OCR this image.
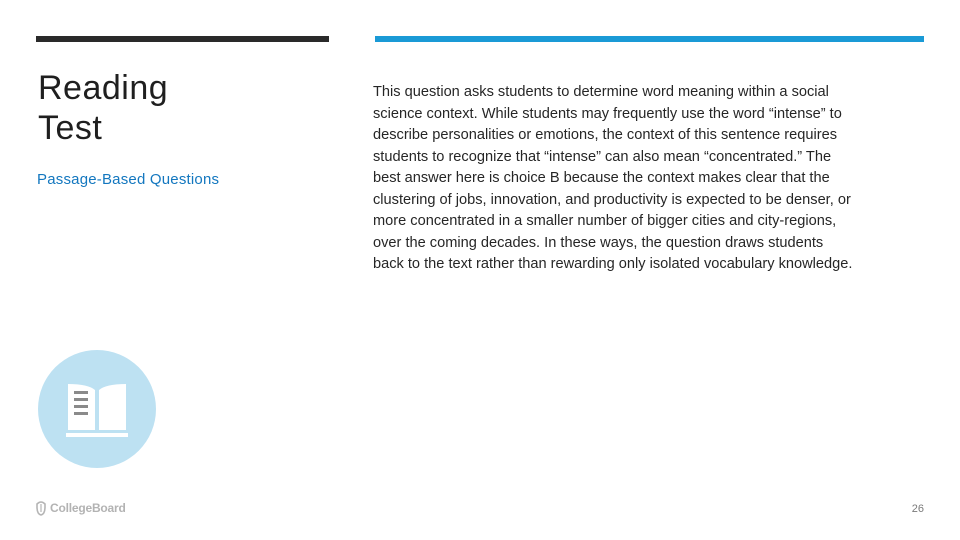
Reading
Test
Passage-Based Questions

This question asks students to determine word meaning within a social science context. While students may frequently use the word “intense” to describe personalities or emotions, the context of this sentence requires students to recognize that “intense” can also mean “concentrated.” The best answer here is choice B because the context makes clear that the clustering of jobs, innovation, and productivity is expected to be denser, or more concentrated in a smaller number of bigger cities and city-regions, over the coming decades. In these ways, the question draws students back to the text rather than rewarding only isolated vocabulary knowledge.

CollegeBoard	26
